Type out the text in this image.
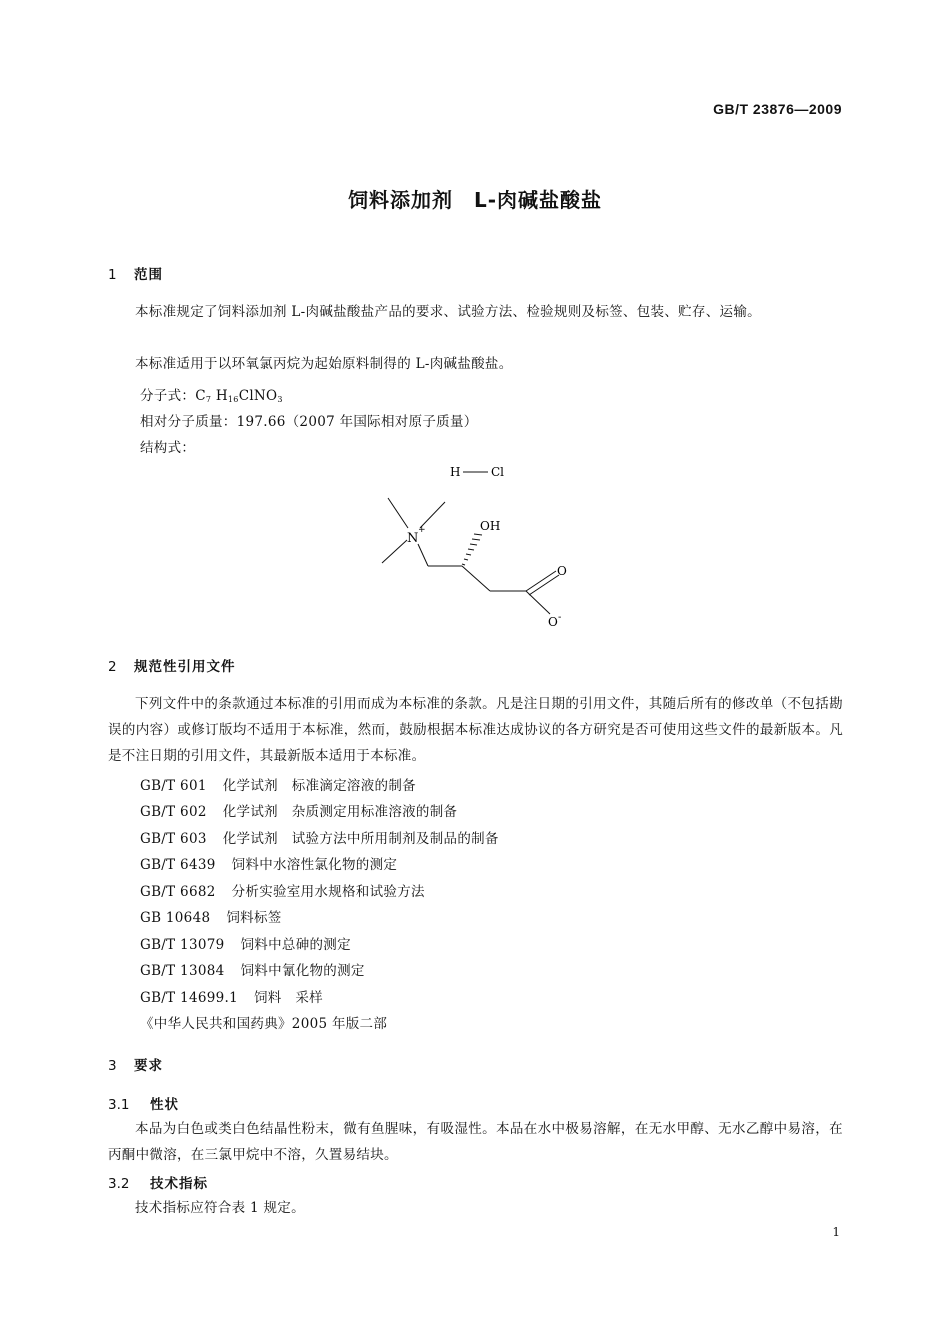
GB/T 23876—2009
饲料添加剂　L-肉碱盐酸盐
1 范围
本标准规定了饲料添加剂 L-肉碱盐酸盐产品的要求、试验方法、检验规则及标签、包装、贮存、运输。
本标准适用于以环氧氯丙烷为起始原料制得的 L-肉碱盐酸盐。
分子式：$C_7$ $H_{16}ClNO_3$
相对分子质量：197.66（2007 年国际相对原子质量）
结构式：
H	Cl
N
+	OH
O
O -
2 规范性引用文件
下列文件中的条款通过本标准的引用而成为本标准的条款。凡是注日期的引用文件，其随后所有的修改单（不包括勘误的内容）或修订版均不适用于本标准，然而，鼓励根据本标准达成协议的各方研究是否可使用这些文件的最新版本。凡是不注日期的引用文件，其最新版本适用于本标准。
GB/T 601 化学试剂　标准滴定溶液的制备
GB/T 602 化学试剂　杂质测定用标准溶液的制备
GB/T 603 化学试剂　试验方法中所用制剂及制品的制备
GB/T 6439 饲料中水溶性氯化物的测定
GB/T 6682 分析实验室用水规格和试验方法
GB 10648 饲料标签
GB/T 13079 饲料中总砷的测定
GB/T 13084 饲料中氰化物的测定
GB/T 14699.1 饲料　采样
《中华人民共和国药典》2005 年版二部
3 要求
3.1 性状
本品为白色或类白色结晶性粉末，微有鱼腥味，有吸湿性。本品在水中极易溶解，在无水甲醇、无水乙醇中易溶，在丙酮中微溶，在三氯甲烷中不溶，久置易结块。
3.2 技术指标
技术指标应符合表 1 规定。
1
